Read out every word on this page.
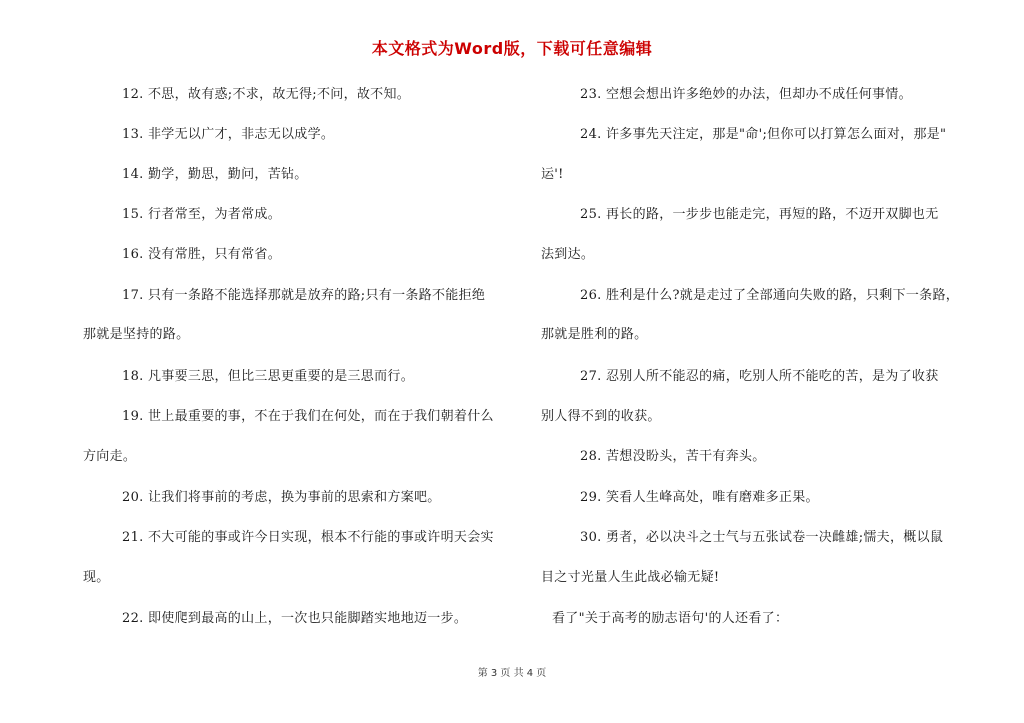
本文格式为Word版，下载可任意编辑
12. 不思，故有惑;不求，故无得;不问，故不知。
13. 非学无以广才，非志无以成学。
14. 勤学，勤思，勤问，苦钻。
15. 行者常至，为者常成。
16. 没有常胜，只有常省。
17. 只有一条路不能选择那就是放弃的路;只有一条路不能拒绝
那就是坚持的路。
18. 凡事要三思，但比三思更重要的是三思而行。
19. 世上最重要的事，不在于我们在何处，而在于我们朝着什么
方向走。
20. 让我们将事前的考虑，换为事前的思索和方案吧。
21. 不大可能的事或许今日实现，根本不行能的事或许明天会实
现。
22. 即使爬到最高的山上，一次也只能脚踏实地地迈一步。
23. 空想会想出许多绝妙的办法，但却办不成任何事情。
24. 许多事先天注定，那是"命';但你可以打算怎么面对，那是"
运'!
25. 再长的路，一步步也能走完，再短的路，不迈开双脚也无
法到达。
26. 胜利是什么?就是走过了全部通向失败的路，只剩下一条路，
那就是胜利的路。
27. 忍别人所不能忍的痛，吃别人所不能吃的苦，是为了收获
别人得不到的收获。
28. 苦想没盼头，苦干有奔头。
29. 笑看人生峰高处，唯有磨难多正果。
30. 勇者，必以决斗之士气与五张试卷一决雌雄;懦夫，概以鼠
目之寸光量人生此战必输无疑!
看了"关于高考的励志语句'的人还看了：
第 3 页 共 4 页
